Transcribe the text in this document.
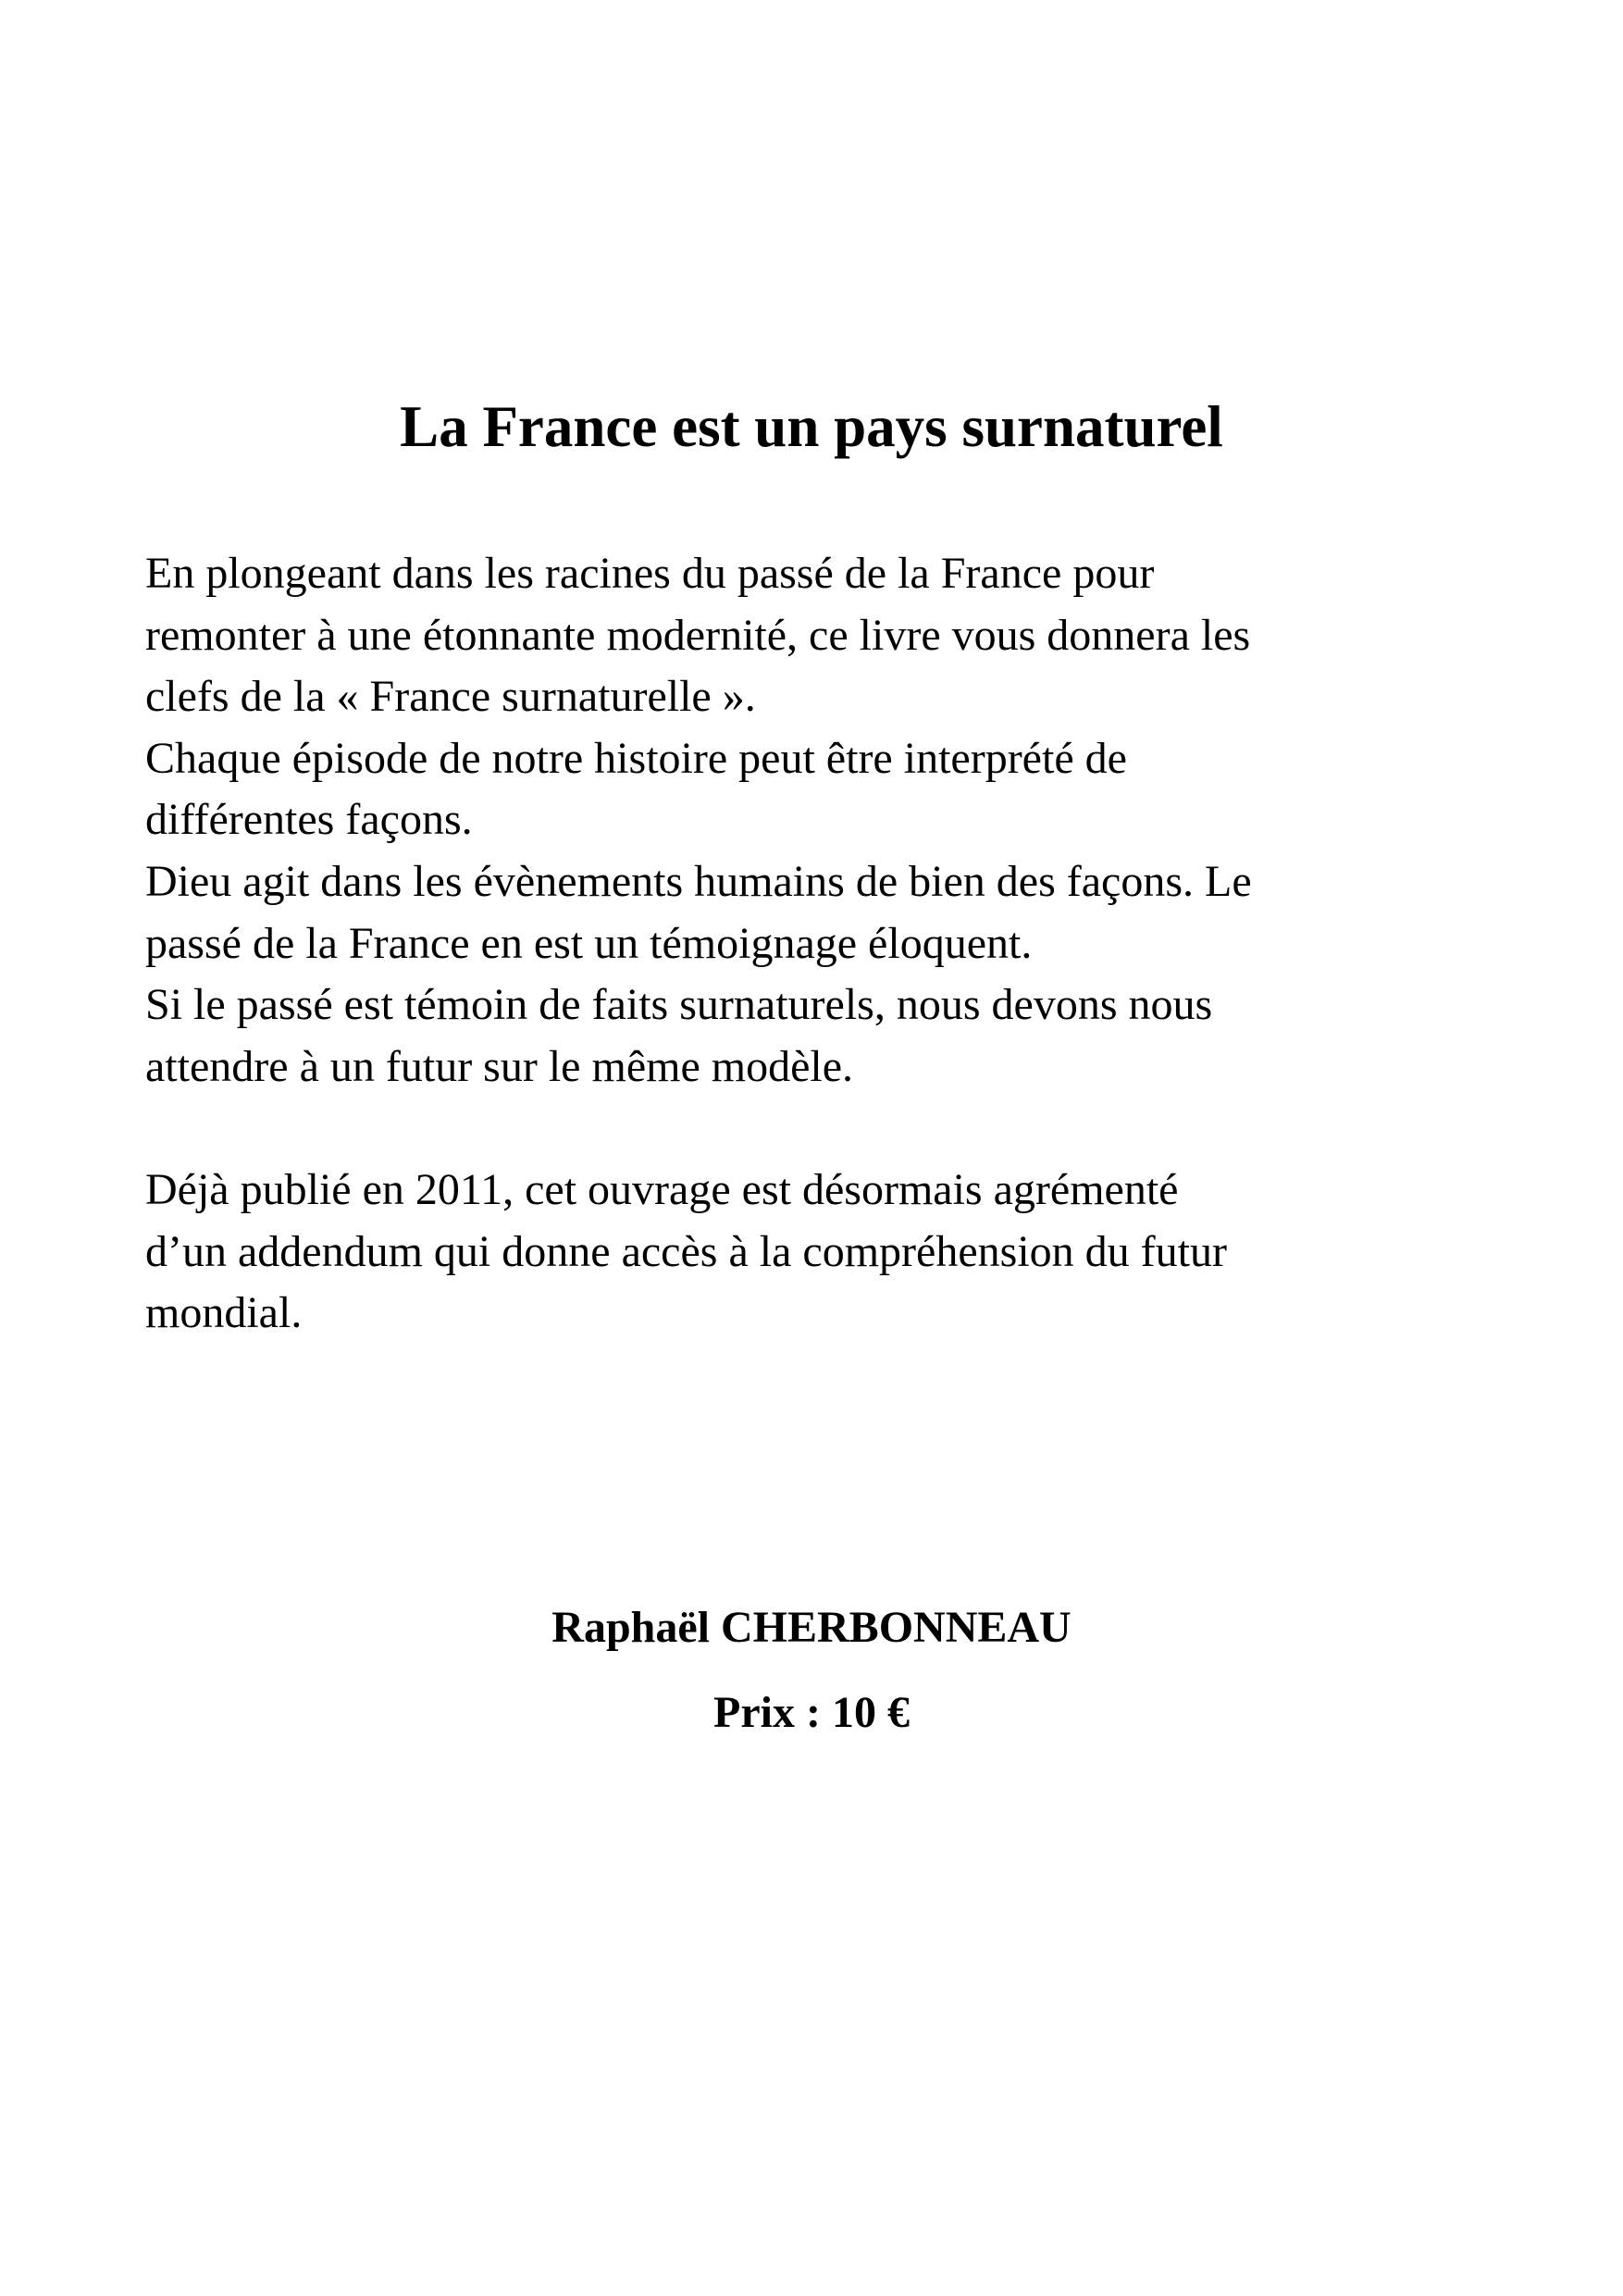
La France est un pays surnaturel
En plongeant dans les racines du passé de la France pour
remonter à une étonnante modernité, ce livre vous donnera les
clefs de la « France surnaturelle ».
Chaque épisode de notre histoire peut être interprété de
différentes façons.
Dieu agit dans les évènements humains de bien des façons. Le
passé de la France en est un témoignage éloquent.
Si le passé est témoin de faits surnaturels, nous devons nous
attendre à un futur sur le même modèle.
Déjà publié en 2011, cet ouvrage est désormais agrémenté
d’un addendum qui donne accès à la compréhension du futur
mondial.

Raphaël CHERBONNEAU

Prix : 10 €
